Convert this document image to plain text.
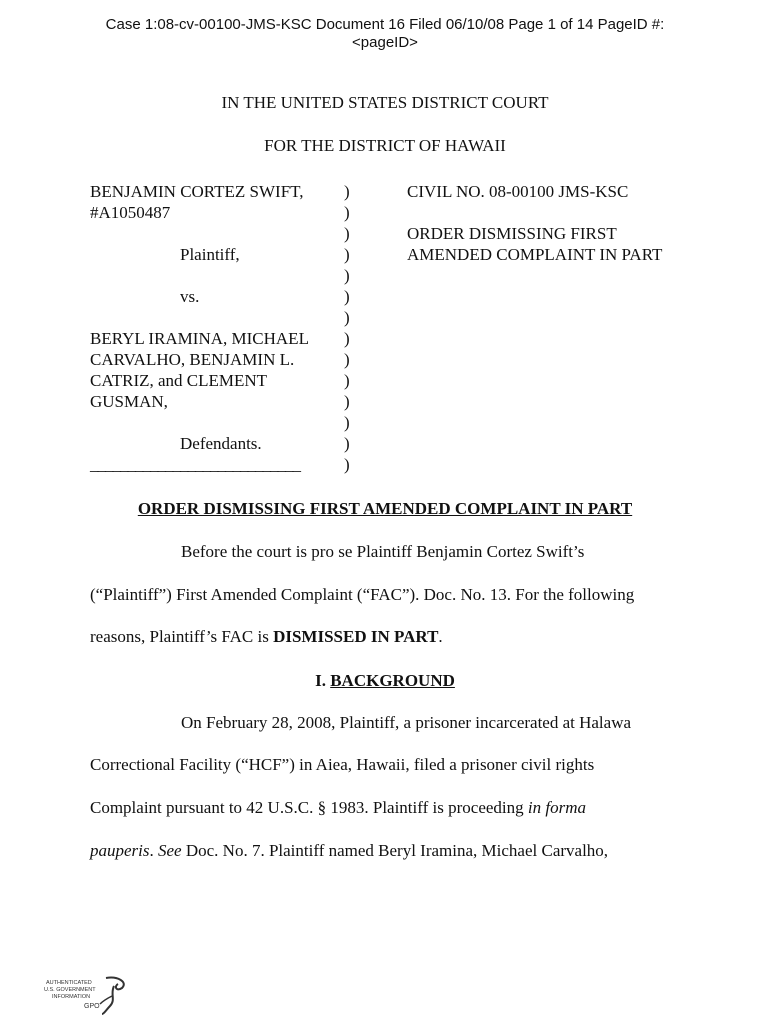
Case 1:08-cv-00100-JMS-KSC Document 16 Filed 06/10/08 Page 1 of 14 PageID #:
<pageID>
IN THE UNITED STATES DISTRICT COURT
FOR THE DISTRICT OF HAWAII
BENJAMIN CORTEZ SWIFT,
#A1050487
Plaintiff,
vs.
BERYL IRAMINA, MICHAEL
CARVALHO, BENJAMIN L.
CATRIZ, and CLEMENT
GUSMAN,
Defendants.
____________________________
)
)
)
)
)
)
)
)
)
)
)
)
)
)
CIVIL NO. 08-00100 JMS-KSC
ORDER DISMISSING FIRST
AMENDED COMPLAINT IN PART
ORDER DISMISSING FIRST AMENDED COMPLAINT IN PART
Before the court is pro se Plaintiff Benjamin Cortez Swift’s
(“Plaintiff”) First Amended Complaint (“FAC”). Doc. No. 13. For the following
reasons, Plaintiff’s FAC is DISMISSED IN PART.
I. BACKGROUND
On February 28, 2008, Plaintiff, a prisoner incarcerated at Halawa
Correctional Facility (“HCF”) in Aiea, Hawaii, filed a prisoner civil rights
Complaint pursuant to 42 U.S.C. § 1983. Plaintiff is proceeding in forma
pauperis. See Doc. No. 7. Plaintiff named Beryl Iramina, Michael Carvalho,
AUTHENTICATED
U.S. GOVERNMENT
INFORMATION
GPO
